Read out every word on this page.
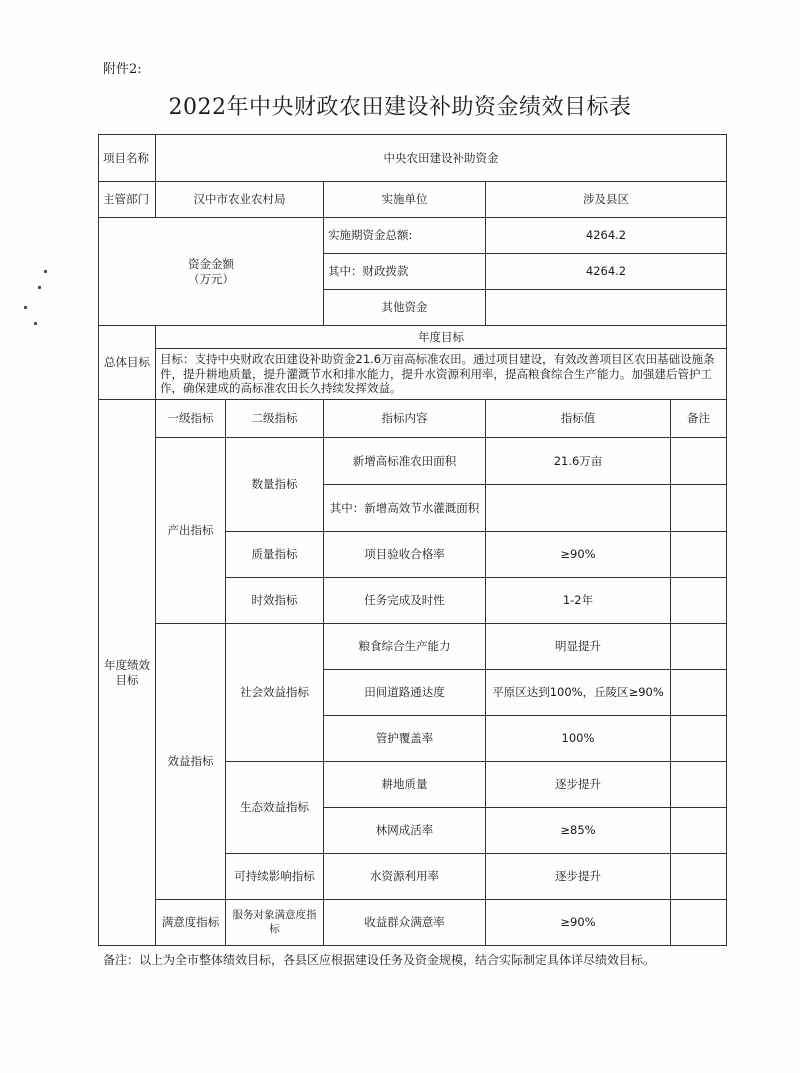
附件2:
2022年中央财政农田建设补助资金绩效目标表
项目名称	中央农田建设补助资金				
主管部门	汉中市农业农村局		实施单位	涉及县区	

资金金额
（万元）			实施期资金总额:	4264.2	
			其中：财政拨款	4264.2	
			其他资金		
总体目标	年度目标				
	目标：支持中央财政农田建设补助资金21.6万亩高标准农田。通过项目建设，有效改善项目区农田基础设施条件，提升耕地质量，提升灌溉节水和排水能力，提升水资源利用率，提高粮食综合生产能力。加强建后管护工作，确保建成的高标准农田长久持续发挥效益。				

年度绩效
目标	一级指标	二级指标	指标内容	指标值	备注
	产出指标	数量指标	新增高标准农田面积	21.6万亩	
			其中：新增高效节水灌溉面积		
		质量指标	项目验收合格率	≥90%	
		时效指标	任务完成及时性	1-2年	
	效益指标	社会效益指标	粮食综合生产能力	明显提升	
			田间道路通达度	平原区达到100%，丘陵区≥90%	
			管护覆盖率	100%	
		生态效益指标	耕地质量	逐步提升	
			林网成活率	≥85%	
		可持续影响指标	水资源利用率	逐步提升	
	满意度指标	服务对象满意度指标	收益群众满意率	≥90%	
备注：以上为全市整体绩效目标，各县区应根据建设任务及资金规模，结合实际制定具体详尽绩效目标。
